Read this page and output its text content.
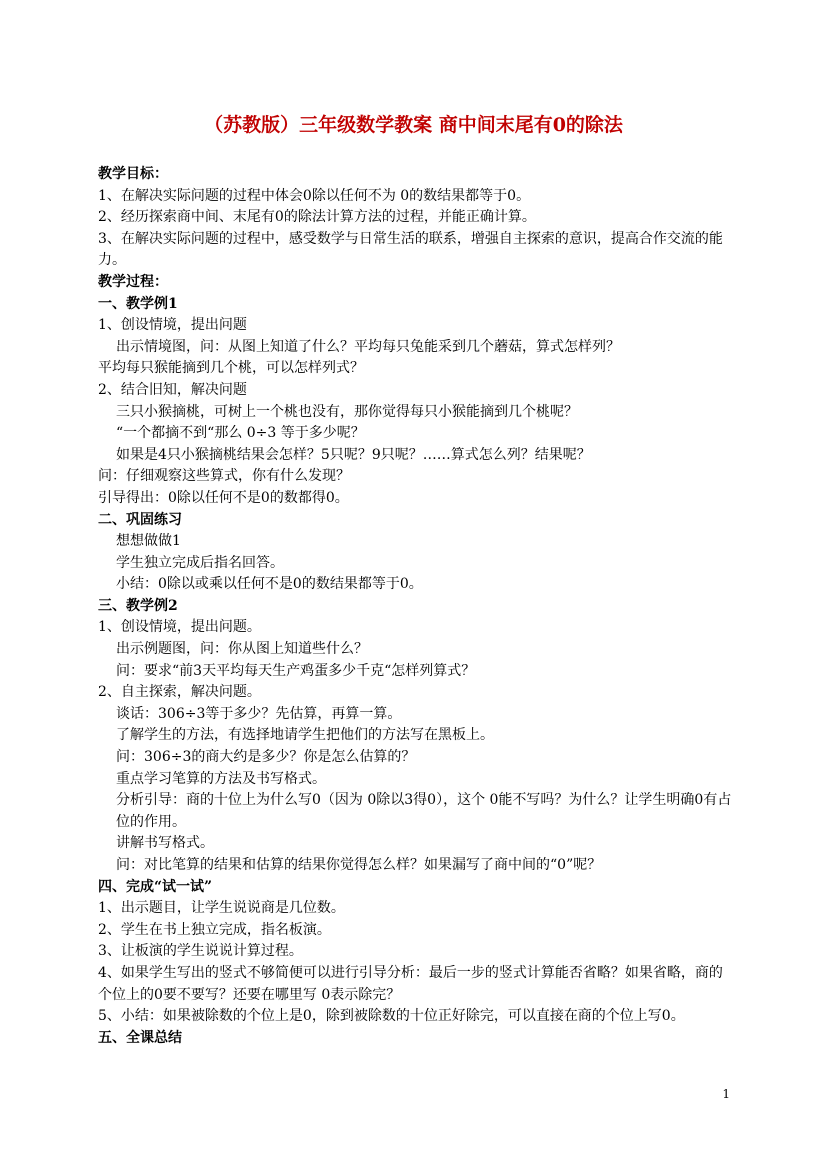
（苏教版）三年级数学教案 商中间末尾有0的除法
教学目标：
1、在解决实际问题的过程中体会0除以任何不为 0的数结果都等于0。
2、经历探索商中间、末尾有0的除法计算方法的过程，并能正确计算。
3、在解决实际问题的过程中，感受数学与日常生活的联系，增强自主探索的意识，提高合作交流的能力。
教学过程：
一、教学例1
1、创设情境，提出问题
出示情境图，问：从图上知道了什么？平均每只兔能采到几个蘑菇，算式怎样列？
平均每只猴能摘到几个桃，可以怎样列式？
2、结合旧知，解决问题
三只小猴摘桃，可树上一个桃也没有，那你觉得每只小猴能摘到几个桃呢？
“一个都摘不到“那么 0÷3 等于多少呢？
如果是4只小猴摘桃结果会怎样？5只呢？9只呢？……算式怎么列？结果呢？
问：仔细观察这些算式，你有什么发现？
引导得出：0除以任何不是0的数都得0。
二、巩固练习
想想做做1
学生独立完成后指名回答。
小结：0除以或乘以任何不是0的数结果都等于0。
三、教学例2
1、创设情境，提出问题。
出示例题图，问：你从图上知道些什么？
问：要求“前3天平均每天生产鸡蛋多少千克“怎样列算式？
2、自主探索，解决问题。
谈话：306÷3等于多少？先估算，再算一算。
了解学生的方法，有选择地请学生把他们的方法写在黑板上。
问：306÷3的商大约是多少？你是怎么估算的？
重点学习笔算的方法及书写格式。
分析引导：商的十位上为什么写0（因为 0除以3得0），这个 0能不写吗？为什么？让学生明确0有占位的作用。
讲解书写格式。
问：对比笔算的结果和估算的结果你觉得怎么样？如果漏写了商中间的“0”呢？
四、完成“试一试”
1、出示题目，让学生说说商是几位数。
2、学生在书上独立完成，指名板演。
3、让板演的学生说说计算过程。
4、如果学生写出的竖式不够简便可以进行引导分析：最后一步的竖式计算能否省略？如果省略，商的个位上的0要不要写？还要在哪里写 0表示除完？
5、小结：如果被除数的个位上是0，除到被除数的十位正好除完，可以直接在商的个位上写0。
五、全课总结
1
